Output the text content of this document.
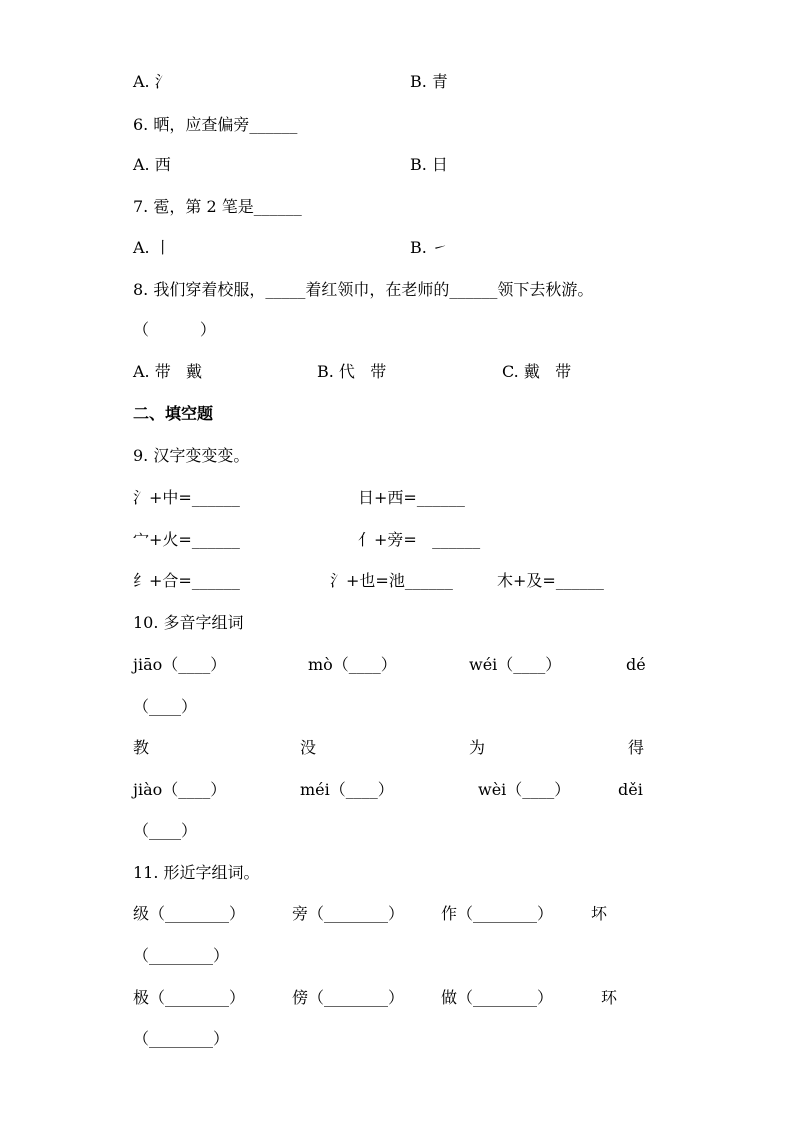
A. 氵	B. 青
6. 晒，应查偏旁______
A. 西	B. 日
7. 雹，第 2 笔是______
A. 丨	B. ㇀
8. 我们穿着校服，_____着红领巾，在老师的______领下去秋游。
（          ）
A. 带   戴	B. 代   带	C. 戴   带
二、填空题
9. 汉字变变变。
氵+中=______	日+西=______
宀+火=______	亻+旁=   ______
纟+合=______	氵+也=池______	木+及=______
10. 多音字组词
jiāo（____）	mò（____）	wéi（____）	dé
（____）
教	没	为	得
jiào（____）	méi（____）	wèi（____）	děi
（____）
11. 形近字组词。
级（________）	旁（________） 作（________） 坏
（________）
极（________）	傍（________） 做（________）	环
（________）
